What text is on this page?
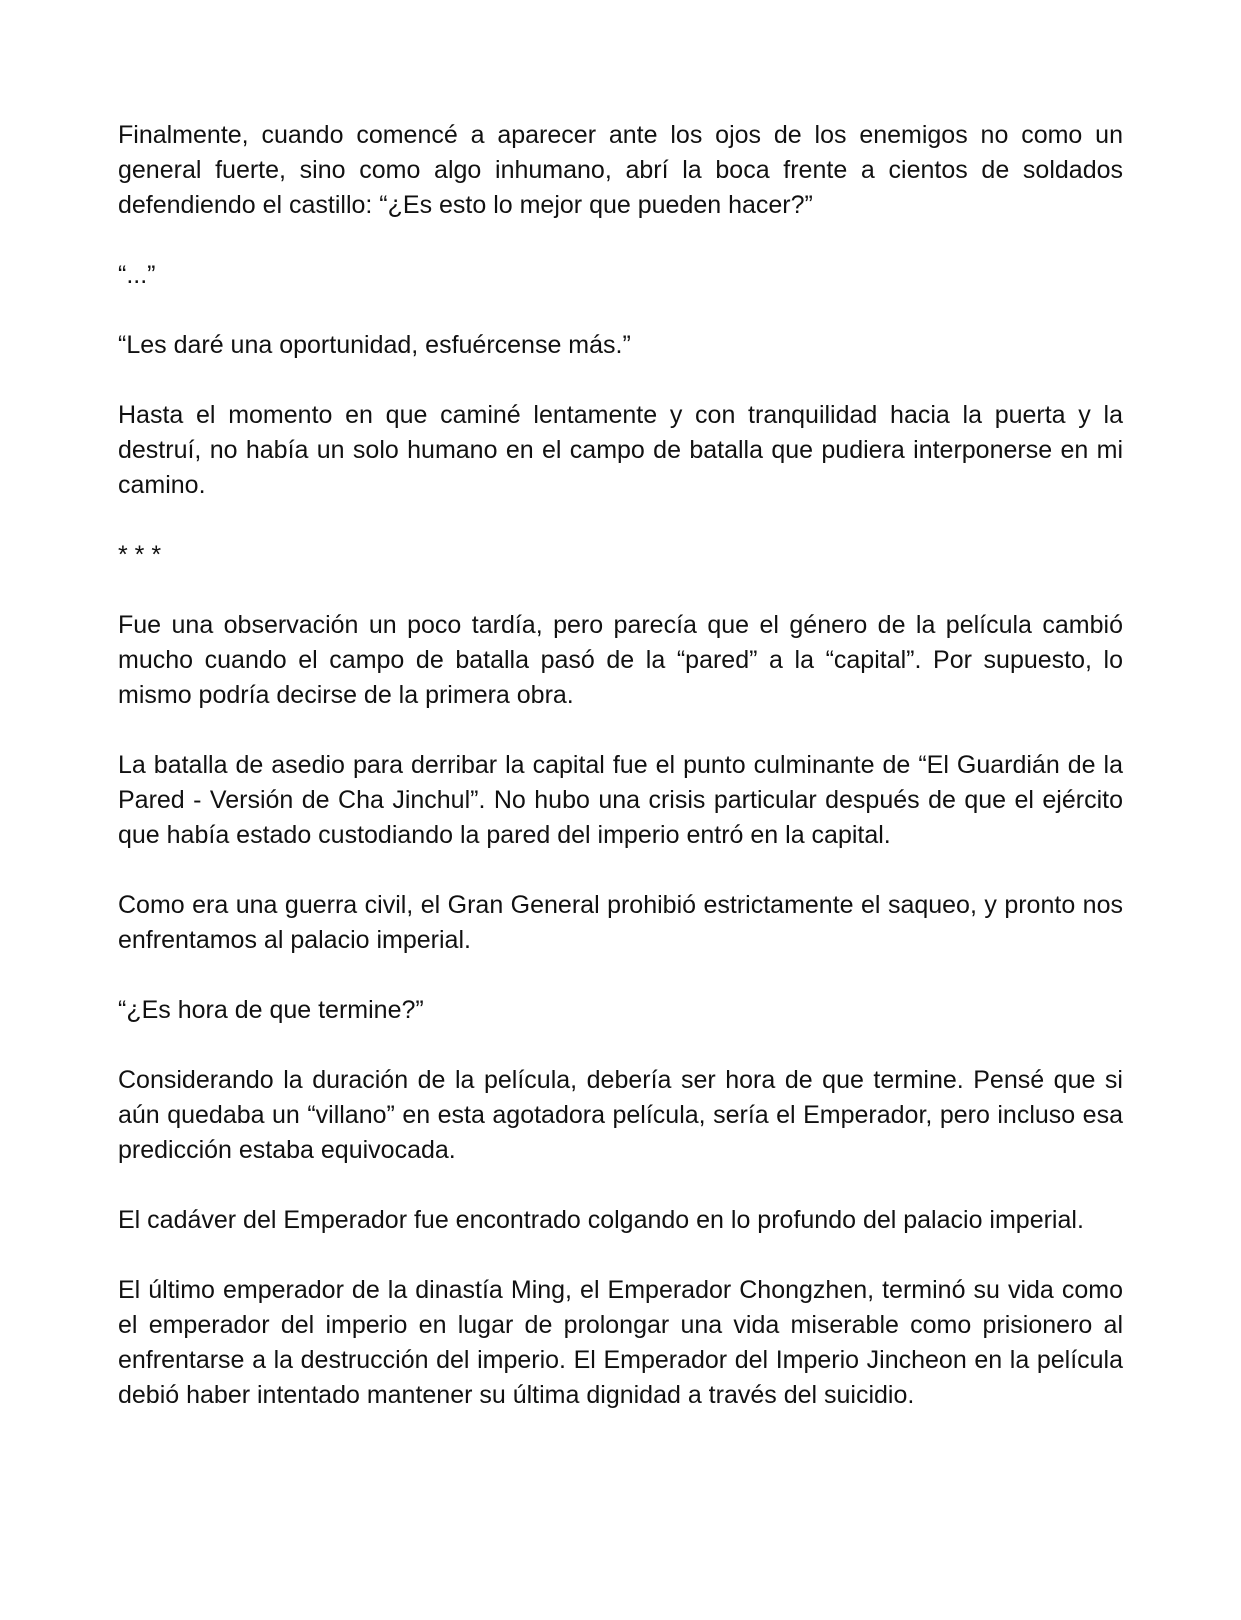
Finalmente, cuando comencé a aparecer ante los ojos de los enemigos no como un general fuerte, sino como algo inhumano, abrí la boca frente a cientos de soldados defendiendo el castillo: “¿Es esto lo mejor que pueden hacer?”

“...”

“Les daré una oportunidad, esfuércense más.”

Hasta el momento en que caminé lentamente y con tranquilidad hacia la puerta y la destruí, no había un solo humano en el campo de batalla que pudiera interponerse en mi camino.

* * *

Fue una observación un poco tardía, pero parecía que el género de la película cambió mucho cuando el campo de batalla pasó de la “pared” a la “capital”. Por supuesto, lo mismo podría decirse de la primera obra.

La batalla de asedio para derribar la capital fue el punto culminante de “El Guardián de la Pared - Versión de Cha Jinchul”. No hubo una crisis particular después de que el ejército que había estado custodiando la pared del imperio entró en la capital.

Como era una guerra civil, el Gran General prohibió estrictamente el saqueo, y pronto nos enfrentamos al palacio imperial.

“¿Es hora de que termine?”

Considerando la duración de la película, debería ser hora de que termine. Pensé que si aún quedaba un “villano” en esta agotadora película, sería el Emperador, pero incluso esa predicción estaba equivocada.

El cadáver del Emperador fue encontrado colgando en lo profundo del palacio imperial.

El último emperador de la dinastía Ming, el Emperador Chongzhen, terminó su vida como el emperador del imperio en lugar de prolongar una vida miserable como prisionero al enfrentarse a la destrucción del imperio. El Emperador del Imperio Jincheon en la película debió haber intentado mantener su última dignidad a través del suicidio.
